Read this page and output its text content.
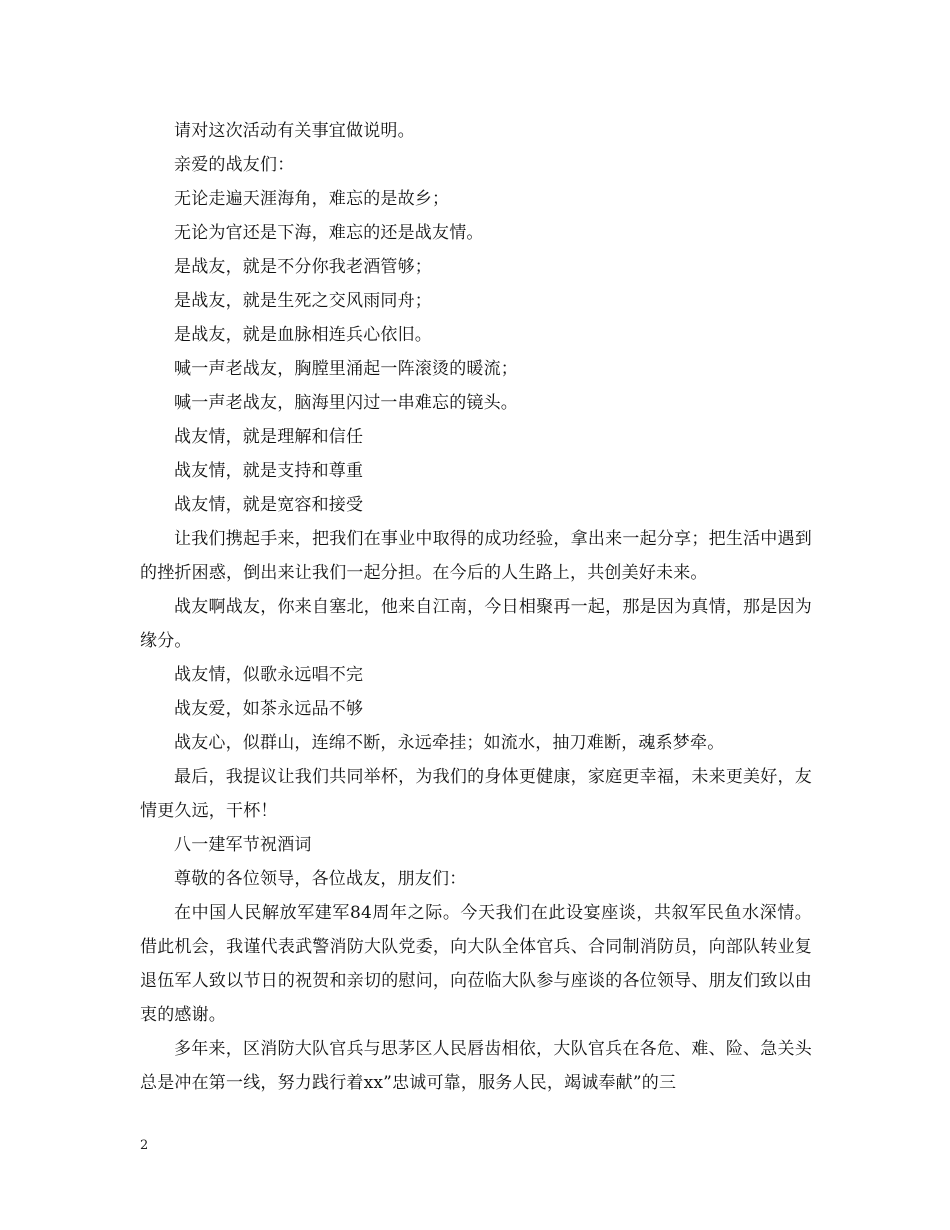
请对这次活动有关事宜做说明。

亲爱的战友们：

无论走遍天涯海角，难忘的是故乡；

无论为官还是下海，难忘的还是战友情。

是战友，就是不分你我老酒管够；

是战友，就是生死之交风雨同舟；

是战友，就是血脉相连兵心依旧。

喊一声老战友，胸膛里涌起一阵滚烫的暖流；

喊一声老战友，脑海里闪过一串难忘的镜头。

战友情，就是理解和信任

战友情，就是支持和尊重

战友情，就是宽容和接受

让我们携起手来，把我们在事业中取得的成功经验，拿出来一起分享；把生活中遇到的挫折困惑，倒出来让我们一起分担。在今后的人生路上，共创美好未来。

战友啊战友，你来自塞北，他来自江南，今日相聚再一起，那是因为真情，那是因为缘分。

战友情，似歌永远唱不完

战友爱，如茶永远品不够

战友心，似群山，连绵不断，永远牵挂；如流水，抽刀难断，魂系梦牵。

最后，我提议让我们共同举杯，为我们的身体更健康，家庭更幸福，未来更美好，友情更久远，干杯！

八一建军节祝酒词

尊敬的各位领导，各位战友，朋友们：

在中国人民解放军建军84周年之际。今天我们在此设宴座谈，共叙军民鱼水深情。借此机会，我谨代表武警消防大队党委，向大队全体官兵、合同制消防员，向部队转业复退伍军人致以节日的祝贺和亲切的慰问，向莅临大队参与座谈的各位领导、朋友们致以由衷的感谢。

多年来，区消防大队官兵与思茅区人民唇齿相依，大队官兵在各危、难、险、急关头总是冲在第一线，努力践行着xx”忠诚可靠，服务人民，竭诚奉献”的三

2
